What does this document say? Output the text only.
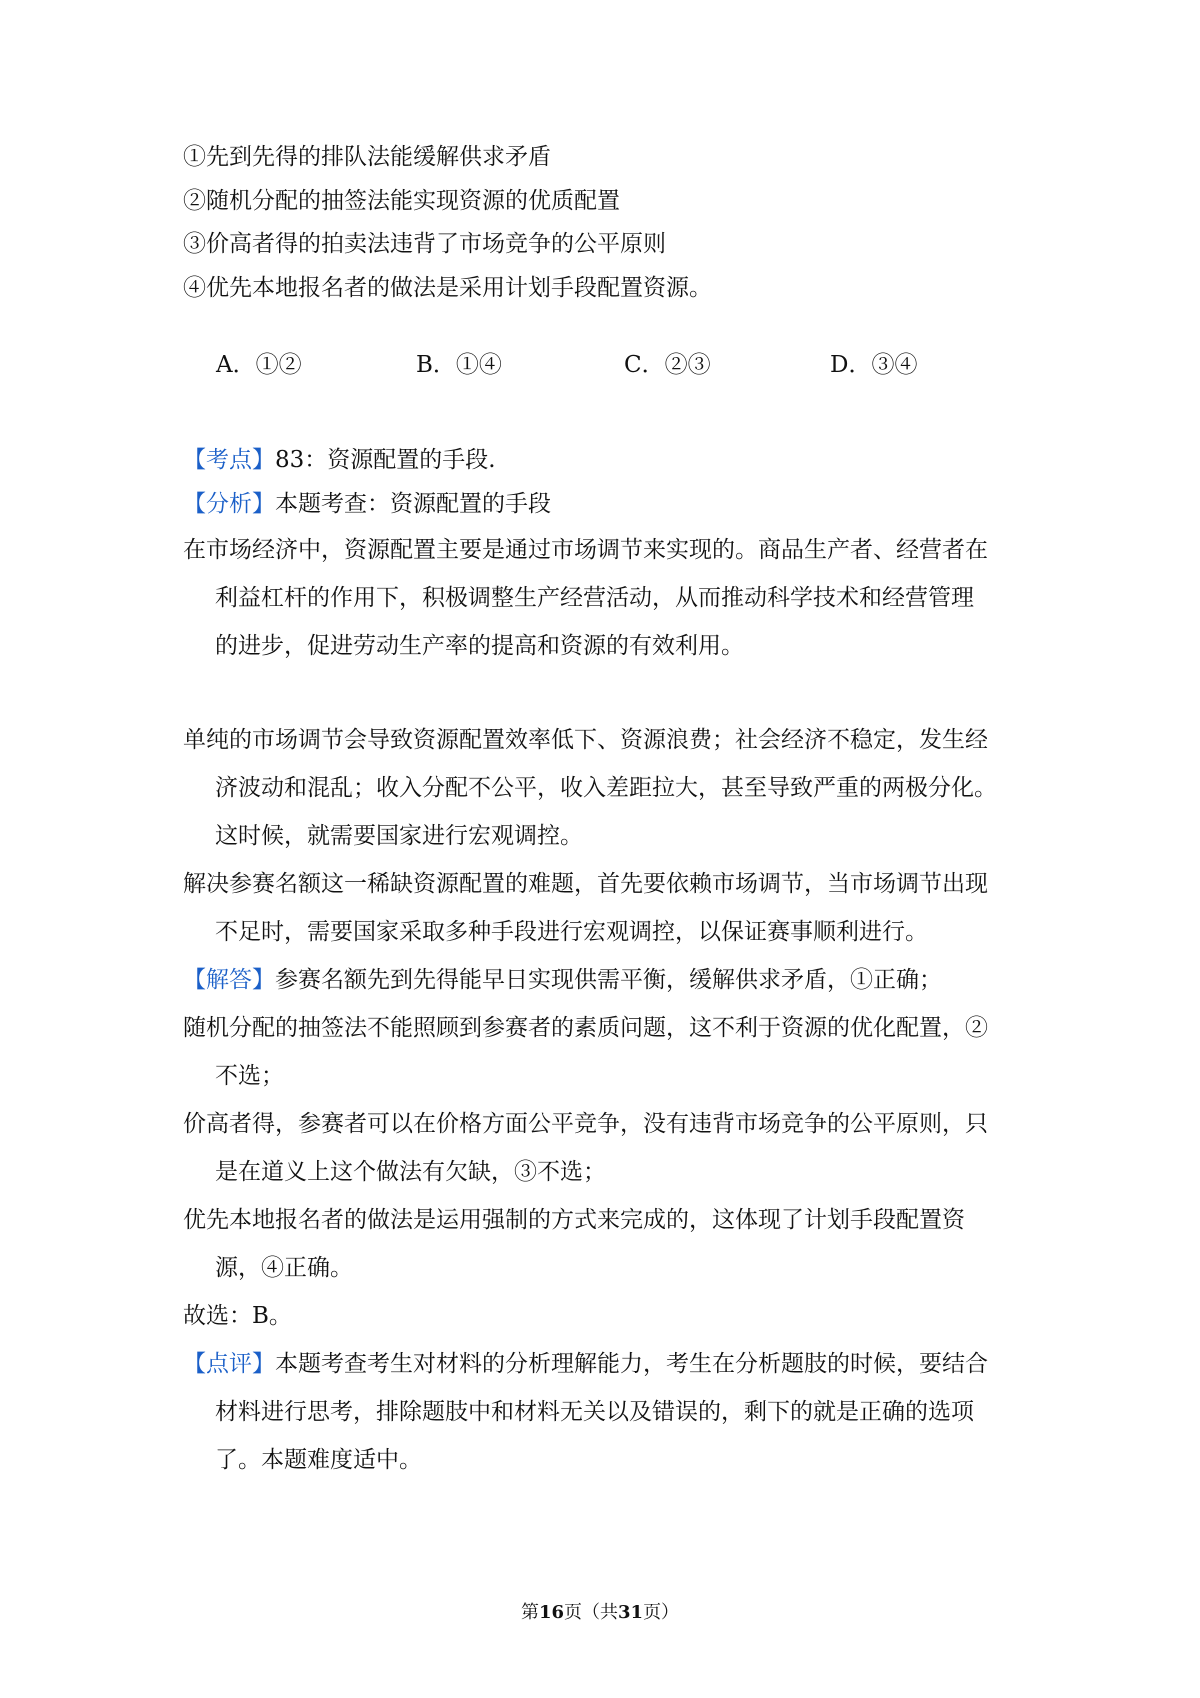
①先到先得的排队法能缓解供求矛盾
②随机分配的抽签法能实现资源的优质配置
③价高者得的拍卖法违背了市场竞争的公平原则
④优先本地报名者的做法是采用计划手段配置资源。
A．①②	B．①④	C．②③	D．③④
【考点】83：资源配置的手段.
【分析】本题考查：资源配置的手段
在市场经济中，资源配置主要是通过市场调节来实现的。商品生产者、经营者在
利益杠杆的作用下，积极调整生产经营活动，从而推动科学技术和经营管理
的进步，促进劳动生产率的提高和资源的有效利用。
单纯的市场调节会导致资源配置效率低下、资源浪费；社会经济不稳定，发生经
济波动和混乱；收入分配不公平，收入差距拉大，甚至导致严重的两极分化。
这时候，就需要国家进行宏观调控。
解决参赛名额这一稀缺资源配置的难题，首先要依赖市场调节，当市场调节出现
不足时，需要国家采取多种手段进行宏观调控，以保证赛事顺利进行。
【解答】参赛名额先到先得能早日实现供需平衡，缓解供求矛盾，①正确；
随机分配的抽签法不能照顾到参赛者的素质问题，这不利于资源的优化配置，②
不选；
价高者得，参赛者可以在价格方面公平竞争，没有违背市场竞争的公平原则，只
是在道义上这个做法有欠缺，③不选；
优先本地报名者的做法是运用强制的方式来完成的，这体现了计划手段配置资
源，④正确。
故选：B。
【点评】本题考查考生对材料的分析理解能力，考生在分析题肢的时候，要结合
材料进行思考，排除题肢中和材料无关以及错误的，剩下的就是正确的选项
了。本题难度适中。
第16页（共31页）
